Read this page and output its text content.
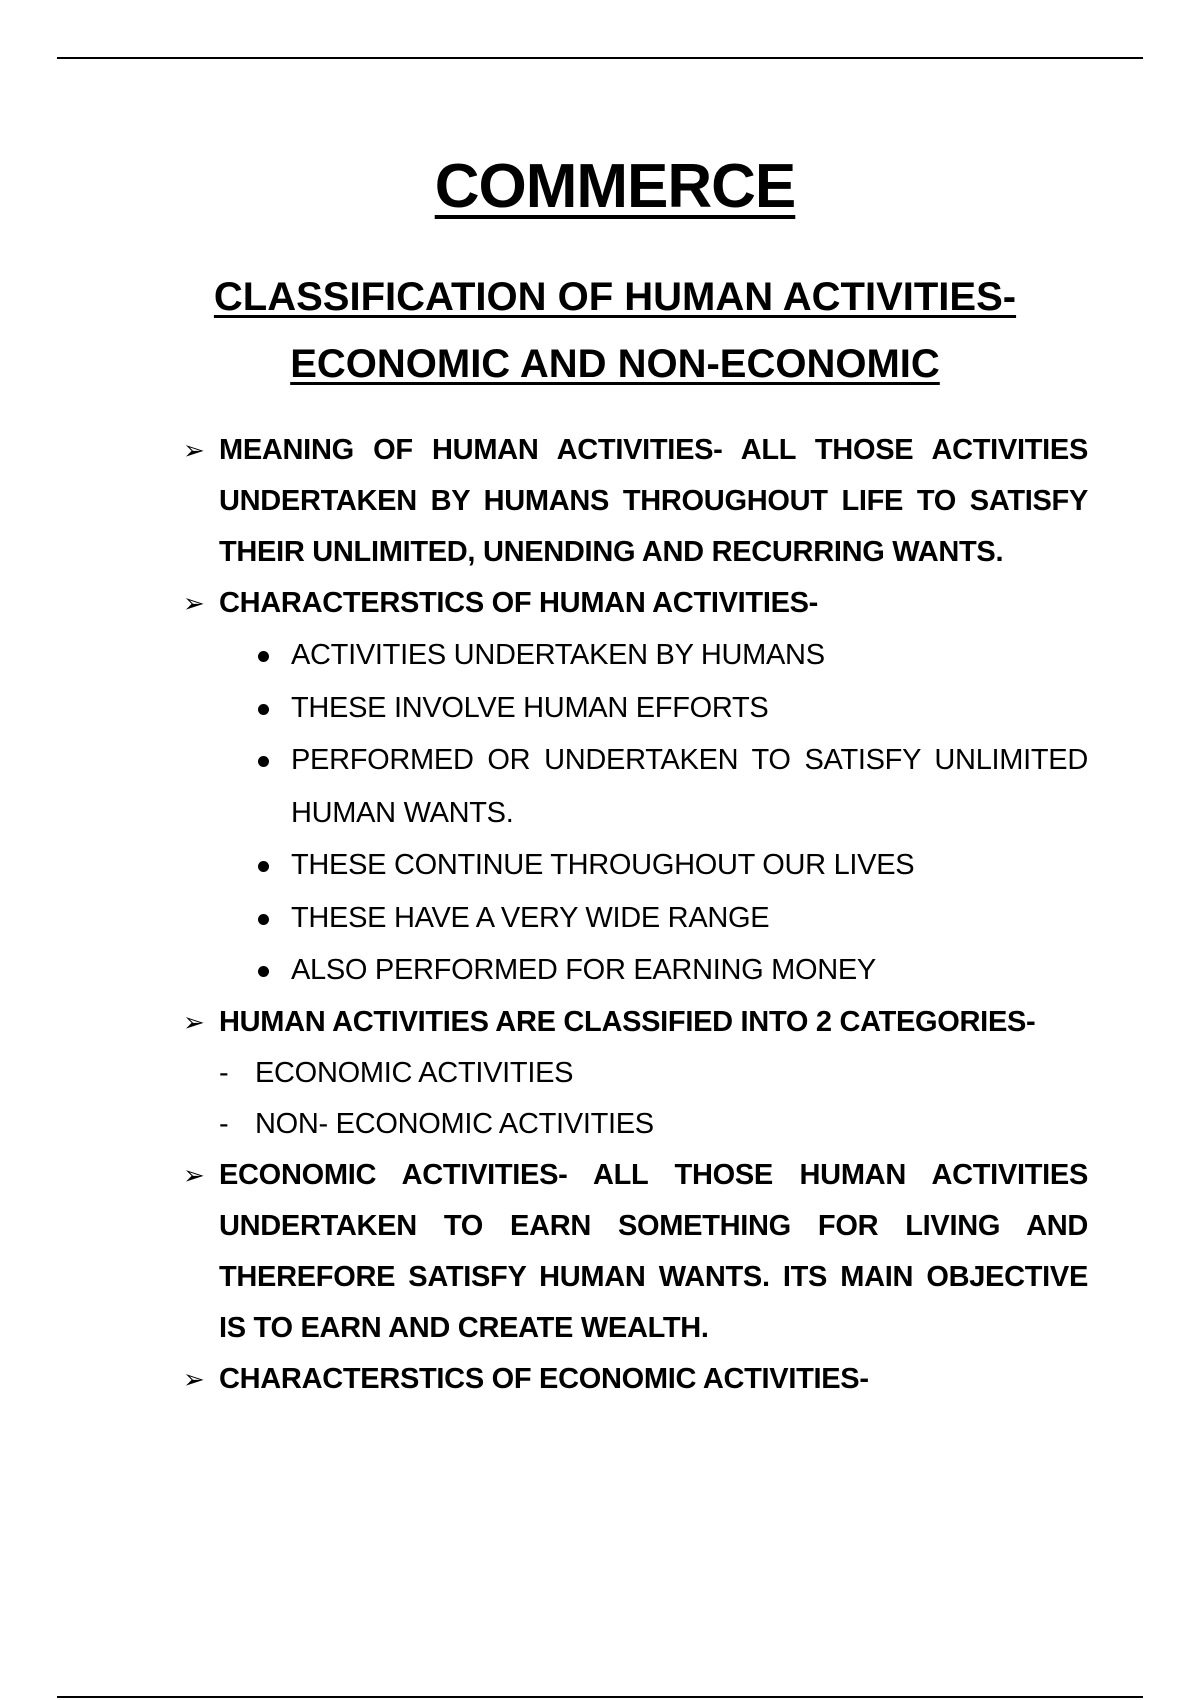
COMMERCE
CLASSIFICATION OF HUMAN ACTIVITIES-
ECONOMIC AND NON-ECONOMIC
➢ MEANING OF HUMAN ACTIVITIES- ALL THOSE ACTIVITIES UNDERTAKEN BY HUMANS THROUGHOUT LIFE TO SATISFY THEIR UNLIMITED, UNENDING AND RECURRING WANTS.
➢ CHARACTERSTICS OF HUMAN ACTIVITIES-
ACTIVITIES UNDERTAKEN BY HUMANS
THESE INVOLVE HUMAN EFFORTS
PERFORMED OR UNDERTAKEN TO SATISFY UNLIMITED HUMAN WANTS.
THESE CONTINUE THROUGHOUT OUR LIVES
THESE HAVE A VERY WIDE RANGE
ALSO PERFORMED FOR EARNING MONEY
➢ HUMAN ACTIVITIES ARE CLASSIFIED INTO 2 CATEGORIES-
- ECONOMIC ACTIVITIES
- NON- ECONOMIC ACTIVITIES
➢ ECONOMIC ACTIVITIES- ALL THOSE HUMAN ACTIVITIES UNDERTAKEN TO EARN SOMETHING FOR LIVING AND THEREFORE SATISFY HUMAN WANTS. ITS MAIN OBJECTIVE IS TO EARN AND CREATE WEALTH.
➢ CHARACTERSTICS OF ECONOMIC ACTIVITIES-
